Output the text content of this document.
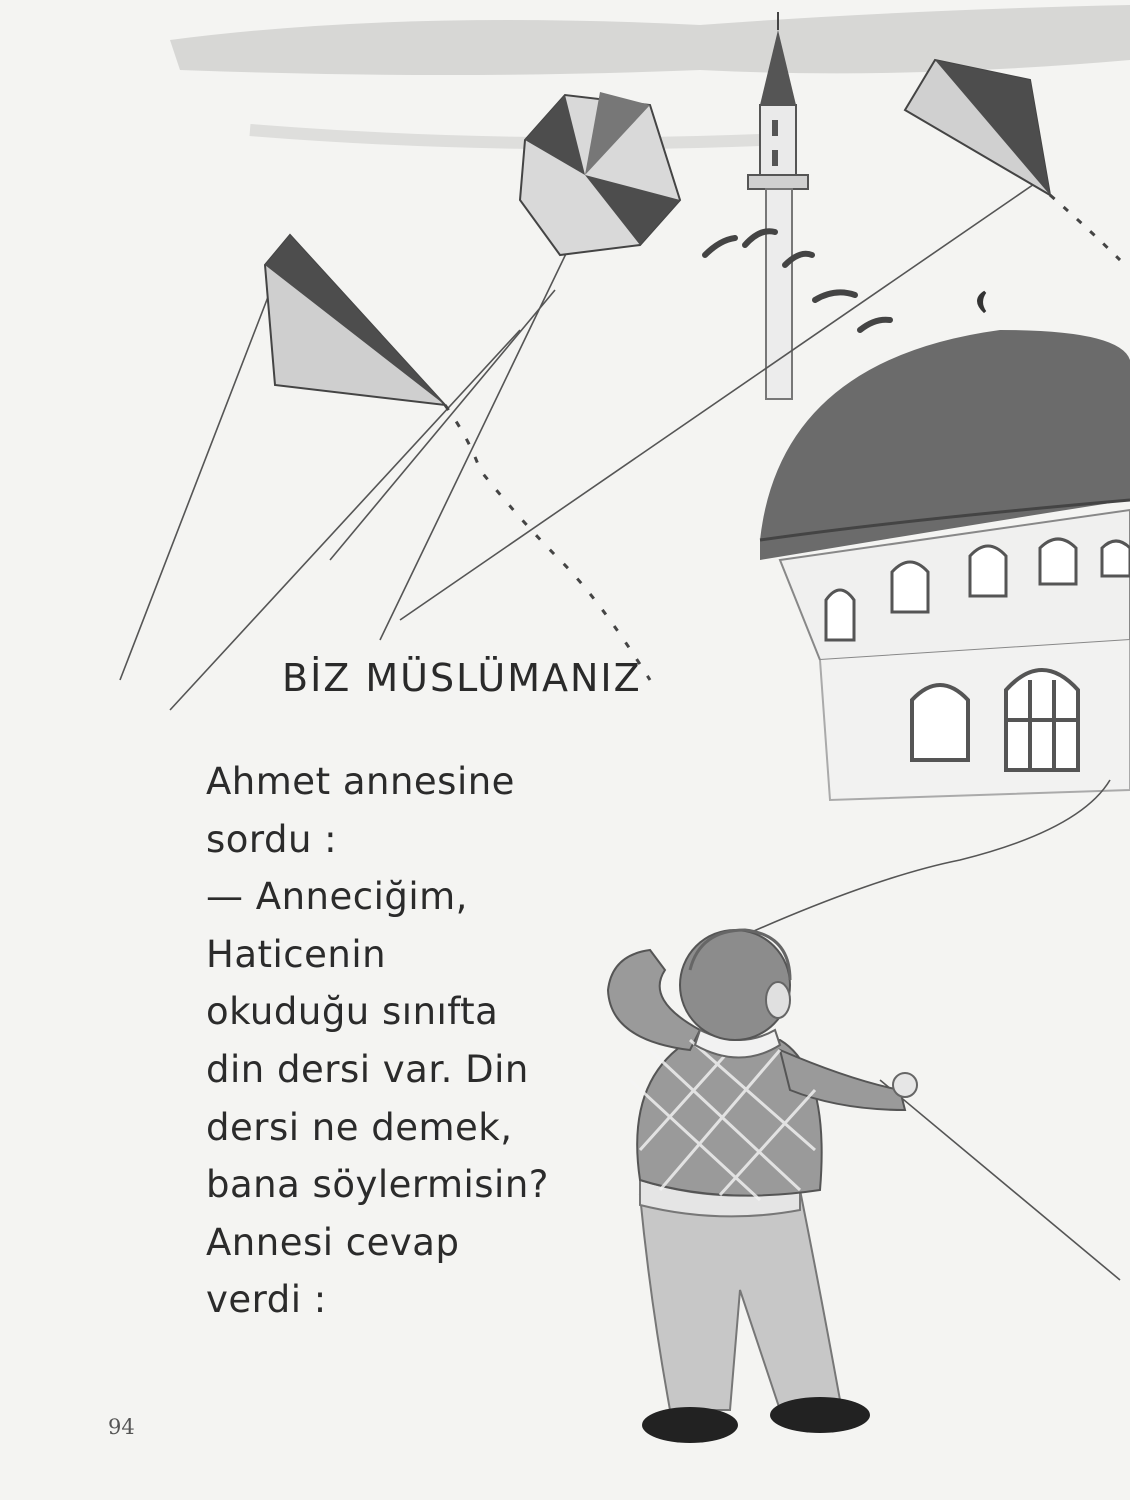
BİZ MÜSLÜMANIZ
Ahmet annesine
sordu :
— Anneciğim,
Haticenin
okuduğu sınıfta
din dersi var. Din
dersi ne demek,
bana söylermisin?
Annesi cevap
verdi :
94
